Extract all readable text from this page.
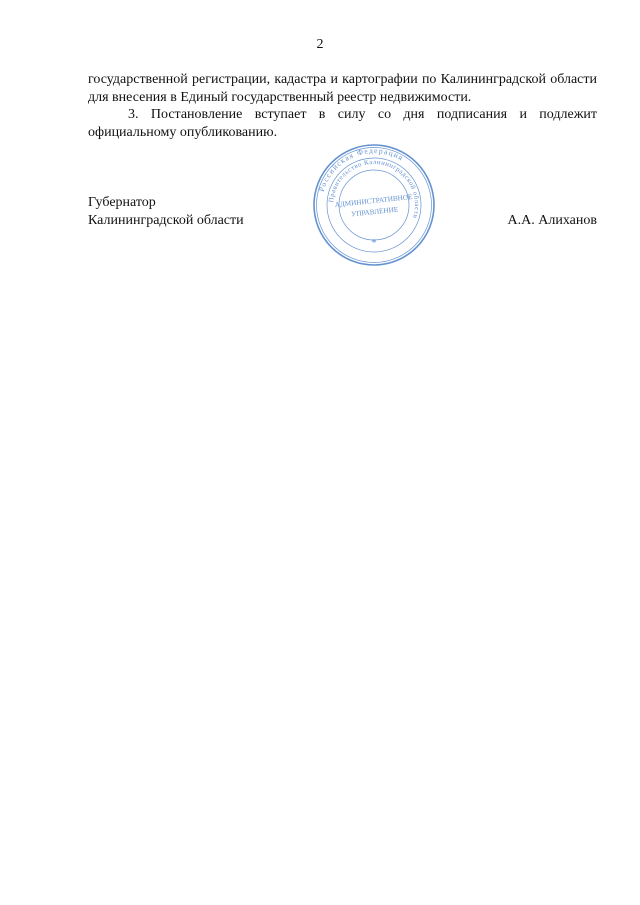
2

государственной регистрации, кадастра и картографии по Калининградской области для внесения в Единый государственный реестр недвижимости.

3. Постановление вступает в силу со дня подписания и подлежит официальному опубликованию.

Губернатор
Калининградской области	А.А. Алиханов
Российская Федерация
Правительство Калининградской области
АДМИНИСТРАТИВНОЕ
УПРАВЛЕНИЕ
*
